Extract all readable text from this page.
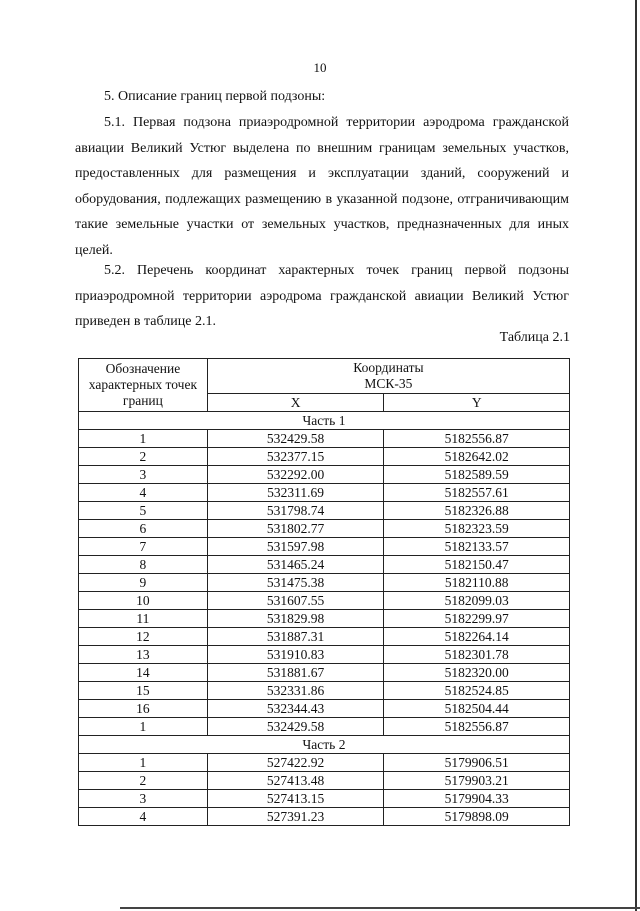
10
5. Описание границ первой подзоны:
5.1. Первая подзона приаэродромной территории аэродрома гражданской авиации Великий Устюг выделена по внешним границам земельных участков, предоставленных для размещения и эксплуатации зданий, сооружений и оборудования, подлежащих размещению в указанной подзоне, отграничивающим такие земельные участки от земельных участков, предназначенных для иных целей.
5.2. Перечень координат характерных точек границ первой подзоны приаэродромной территории аэродрома гражданской авиации Великий Устюг приведен в таблице 2.1.
Таблица 2.1
Обозначение характерных точек границ	Координаты
МСК-35	
	X	Y
Часть 1		
1	532429.58	5182556.87
2	532377.15	5182642.02
3	532292.00	5182589.59
4	532311.69	5182557.61
5	531798.74	5182326.88
6	531802.77	5182323.59
7	531597.98	5182133.57
8	531465.24	5182150.47
9	531475.38	5182110.88
10	531607.55	5182099.03
11	531829.98	5182299.97
12	531887.31	5182264.14
13	531910.83	5182301.78
14	531881.67	5182320.00
15	532331.86	5182524.85
16	532344.43	5182504.44
1	532429.58	5182556.87
Часть 2		
1	527422.92	5179906.51
2	527413.48	5179903.21
3	527413.15	5179904.33
4	527391.23	5179898.09
